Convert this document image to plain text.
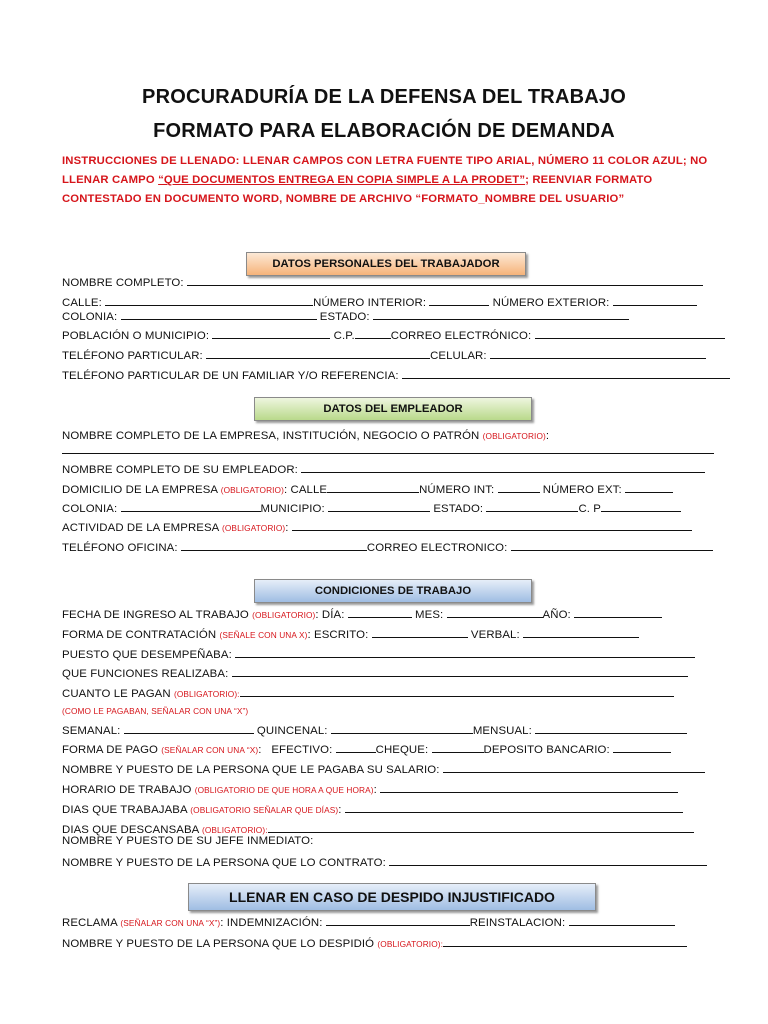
PROCURADURÍA DE LA DEFENSA DEL TRABAJO
FORMATO PARA ELABORACIÓN DE DEMANDA
INSTRUCCIONES DE LLENADO: LLENAR CAMPOS CON LETRA FUENTE TIPO ARIAL, NÚMERO 11 COLOR AZUL; NO LLENAR CAMPO “QUE DOCUMENTOS ENTREGA EN COPIA SIMPLE A LA PRODET”; REENVIAR FORMATO CONTESTADO EN DOCUMENTO WORD, NOMBRE DE ARCHIVO “FORMATO_NOMBRE DEL USUARIO”
DATOS PERSONALES DEL TRABAJADOR
NOMBRE COMPLETO:
CALLE:	NÚMERO INTERIOR:	NÚMERO EXTERIOR:
COLONIA:	ESTADO:
POBLACIÓN O MUNICIPIO:	C.P.	CORREO ELECTRÓNICO:
TELÉFONO PARTICULAR:	CELULAR:
TELÉFONO PARTICULAR DE UN FAMILIAR Y/O REFERENCIA:
DATOS DEL EMPLEADOR
NOMBRE COMPLETO DE LA EMPRESA, INSTITUCIÓN, NEGOCIO O PATRÓN (OBLIGATORIO):
NOMBRE COMPLETO DE SU EMPLEADOR:
DOMICILIO DE LA EMPRESA (OBLIGATORIO): CALLE	NÚMERO INT:	NÚMERO EXT:
COLONIA:	MUNICIPIO:	ESTADO:	C. P
ACTIVIDAD DE LA EMPRESA (OBLIGATORIO):
TELÉFONO OFICINA:	CORREO ELECTRONICO:
CONDICIONES DE TRABAJO
FECHA DE INGRESO AL TRABAJO (OBLIGATORIO): DÍA:	MES:	AÑO:
FORMA DE CONTRATACIÓN (SEÑALE CON UNA X): ESCRITO:	VERBAL:
PUESTO QUE DESEMPEÑABA:
QUE FUNCIONES REALIZABA:
CUANTO LE PAGAN (OBLIGATORIO):
(COMO LE PAGABAN, SEÑALAR CON UNA “X”)
SEMANAL:	QUINCENAL:	MENSUAL:
FORMA DE PAGO (SEÑALAR CON UNA “X):   EFECTIVO:	CHEQUE:	DEPOSITO BANCARIO:
NOMBRE Y PUESTO DE LA PERSONA QUE LE PAGABA SU SALARIO:
HORARIO DE TRABAJO (OBLIGATORIO DE QUE HORA A QUE HORA):
DIAS QUE TRABAJABA (OBLIGATORIO SEÑALAR QUE DÍAS):
DIAS QUE DESCANSABA (OBLIGATORIO):
NOMBRE Y PUESTO DE SU JEFE INMEDIATO:
NOMBRE Y PUESTO DE LA PERSONA QUE LO CONTRATO:
LLENAR EN CASO DE DESPIDO INJUSTIFICADO
RECLAMA (SEÑALAR CON UNA “X”): INDEMNIZACIÓN:	REINSTALACION:
NOMBRE Y PUESTO DE LA PERSONA QUE LO DESPIDIÓ (OBLIGATORIO):
